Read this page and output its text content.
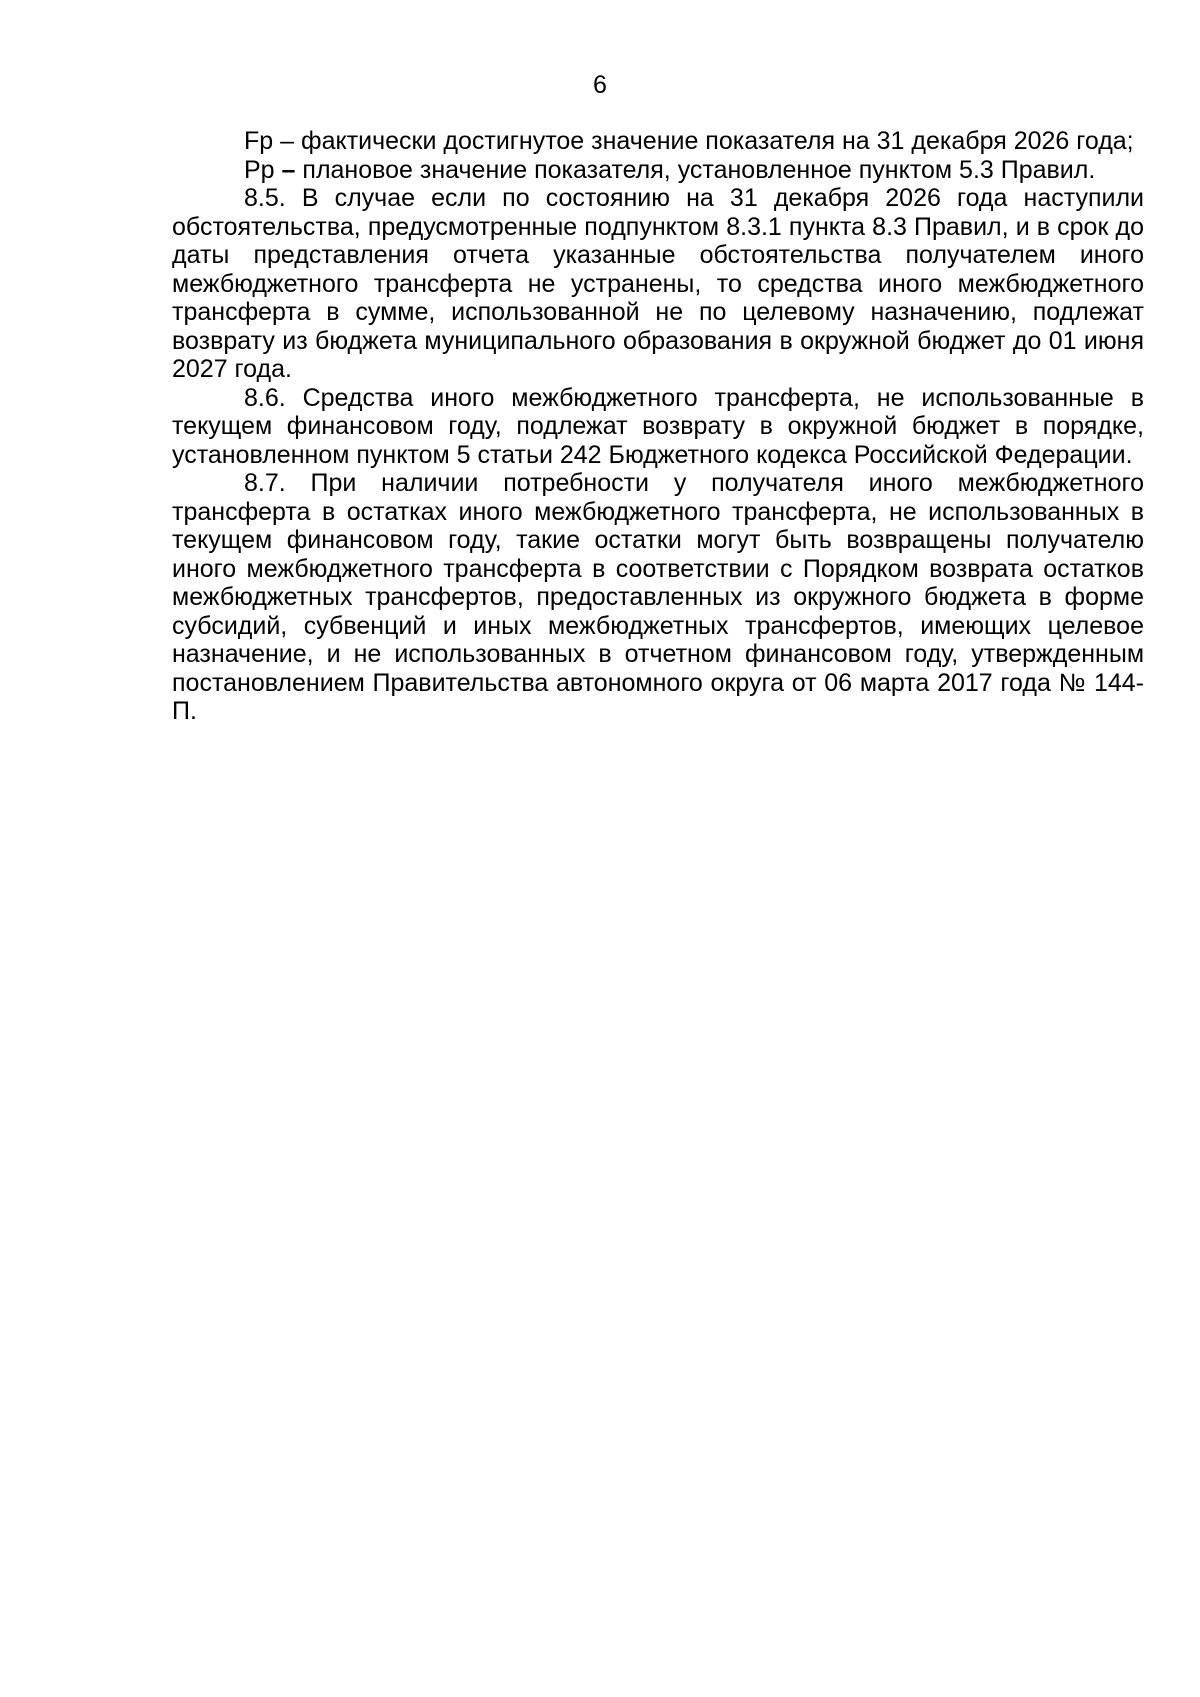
6

Fp – фактически достигнутое значение показателя на 31 декабря 2026 года;

Pp – плановое значение показателя, установленное пунктом 5.3 Правил.

8.5. В случае если по состоянию на 31 декабря 2026 года наступили обстоятельства, предусмотренные подпунктом 8.3.1 пункта 8.3 Правил, и в срок до даты представления отчета указанные обстоятельства получателем иного межбюджетного трансферта не устранены, то средства иного межбюджетного трансферта в сумме, использованной не по целевому назначению, подлежат возврату из бюджета муниципального образования в окружной бюджет до 01 июня 2027 года.

8.6. Средства иного межбюджетного трансферта, не использованные в текущем финансовом году, подлежат возврату в окружной бюджет в порядке, установленном пунктом 5 статьи 242 Бюджетного кодекса Российской Федерации.

8.7. При наличии потребности у получателя иного межбюджетного трансферта в остатках иного межбюджетного трансферта, не использованных в текущем финансовом году, такие остатки могут быть возвращены получателю иного межбюджетного трансферта в соответствии с Порядком возврата остатков межбюджетных трансфертов, предоставленных из окружного бюджета в форме субсидий, субвенций и иных межбюджетных трансфертов, имеющих целевое назначение, и не использованных в отчетном финансовом году, утвержденным постановлением Правительства автономного округа от 06 марта 2017 года № 144-П.
